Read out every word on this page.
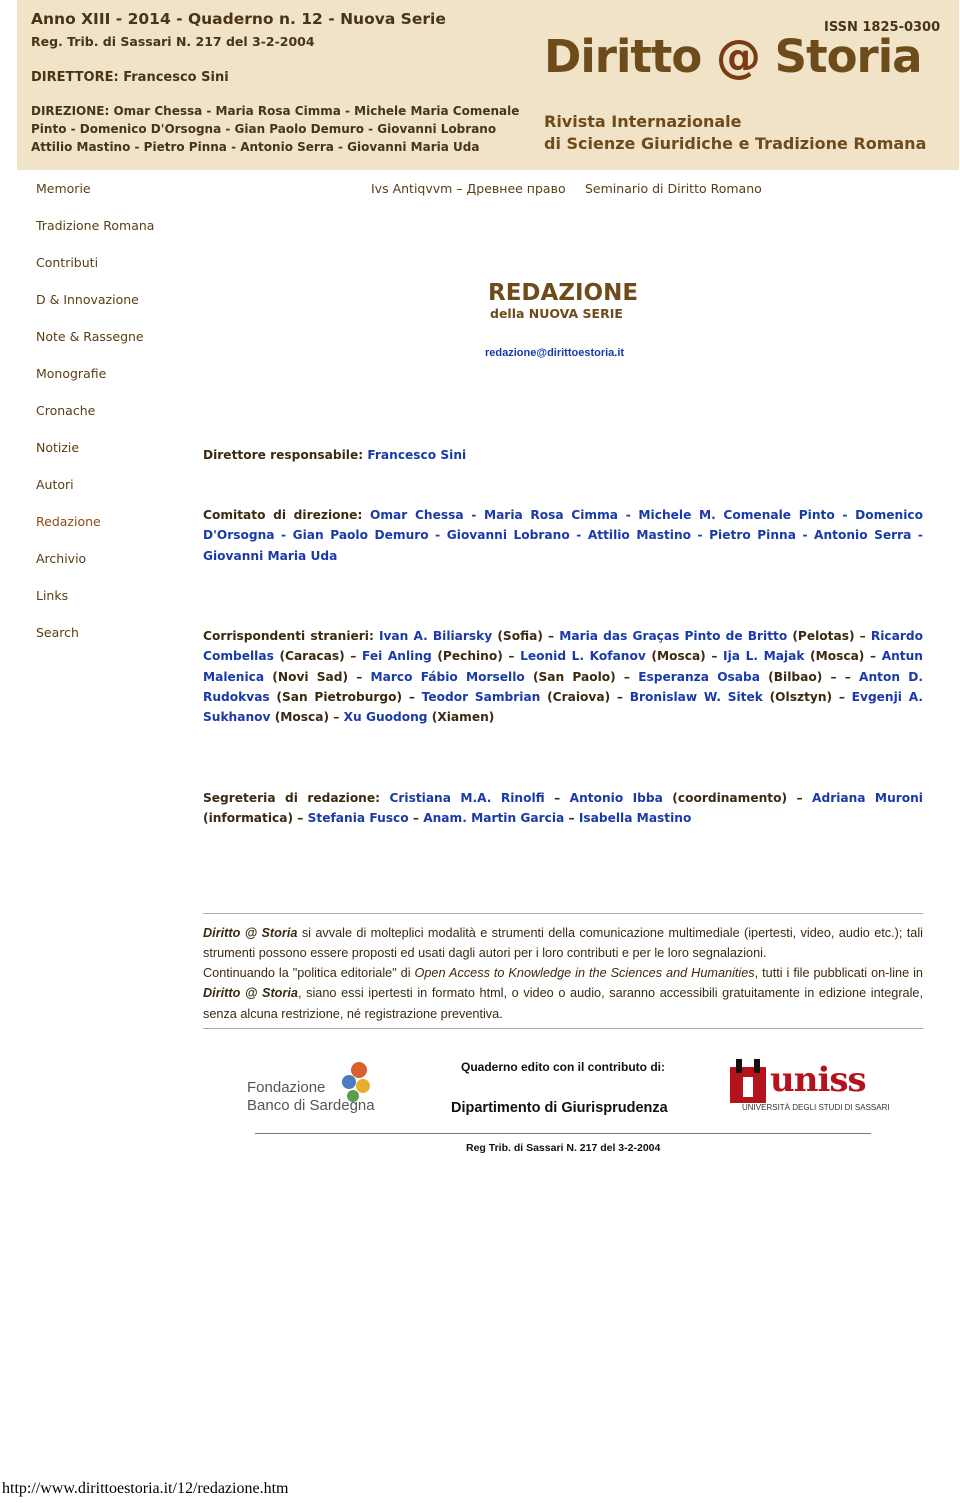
Anno XIII - 2014 - Quaderno n. 12 - Nuova Serie
Reg. Trib. di Sassari N. 217 del 3-2-2004
DIRETTORE: Francesco Sini
DIREZIONE: Omar Chessa - Maria Rosa Cimma - Michele Maria Comenale
Pinto - Domenico D'Orsogna - Gian Paolo Demuro - Giovanni Lobrano
Attilio Mastino - Pietro Pinna - Antonio Serra - Giovanni Maria Uda
ISSN 1825-0300
Diritto @ Storia
Rivista Internazionale
di Scienze Giuridiche e Tradizione Romana
Ivs Antiqvvm – Древнее право Seminario di Diritto Romano
Memorie
Tradizione Romana
Contributi
D & Innovazione
Note & Rassegne
Monografie
Cronache
Notizie
Autori
Redazione
Archivio
Links
Search
REDAZIONE
della NUOVA SERIE
redazione@dirittoestoria.it
Direttore responsabile: Francesco Sini
Comitato di direzione: Omar Chessa - Maria Rosa Cimma - Michele M. Comenale Pinto - Domenico D'Orsogna - Gian Paolo Demuro - Giovanni Lobrano - Attilio Mastino - Pietro Pinna - Antonio Serra - Giovanni Maria Uda
Corrispondenti stranieri: Ivan A. Biliarsky (Sofia) – Maria das Graças Pinto de Britto (Pelotas) – Ricardo Combellas (Caracas) – Fei Anling (Pechino) – Leonid L. Kofanov (Mosca) – Ija L. Majak (Mosca) – Antun Malenica (Novi Sad) – Marco Fábio Morsello (San Paolo) – Esperanza Osaba (Bilbao) – – Anton D. Rudokvas (San Pietroburgo) – Teodor Sambrian (Craiova) – Bronislaw W. Sitek (Olsztyn) – Evgenji A. Sukhanov (Mosca) – Xu Guodong (Xiamen)
Segreteria di redazione: Cristiana M.A. Rinolfi – Antonio Ibba (coordinamento) – Adriana Muroni (informatica) – Stefania Fusco – Anam. Martin Garcia – Isabella Mastino
Diritto @ Storia si avvale di molteplici modalità e strumenti della comunicazione multimediale (ipertesti, video, audio etc.); tali strumenti possono essere proposti ed usati dagli autori per i loro contributi e per le loro segnalazioni.
Continuando la "politica editoriale" di Open Access to Knowledge in the Sciences and Humanities, tutti i file pubblicati on-line in Diritto @ Storia, siano essi ipertesti in formato html, o video o audio, saranno accessibili gratuitamente in edizione integrale, senza alcuna restrizione, né registrazione preventiva.
Fondazione
Banco di Sardegna
Quaderno edito con il contributo di:
Dipartimento di Giurisprudenza
uniss
UNIVERSITÀ DEGLI STUDI DI SASSARI
Reg Trib. di Sassari N. 217 del 3-2-2004
http://www.dirittoestoria.it/12/redazione.htm
